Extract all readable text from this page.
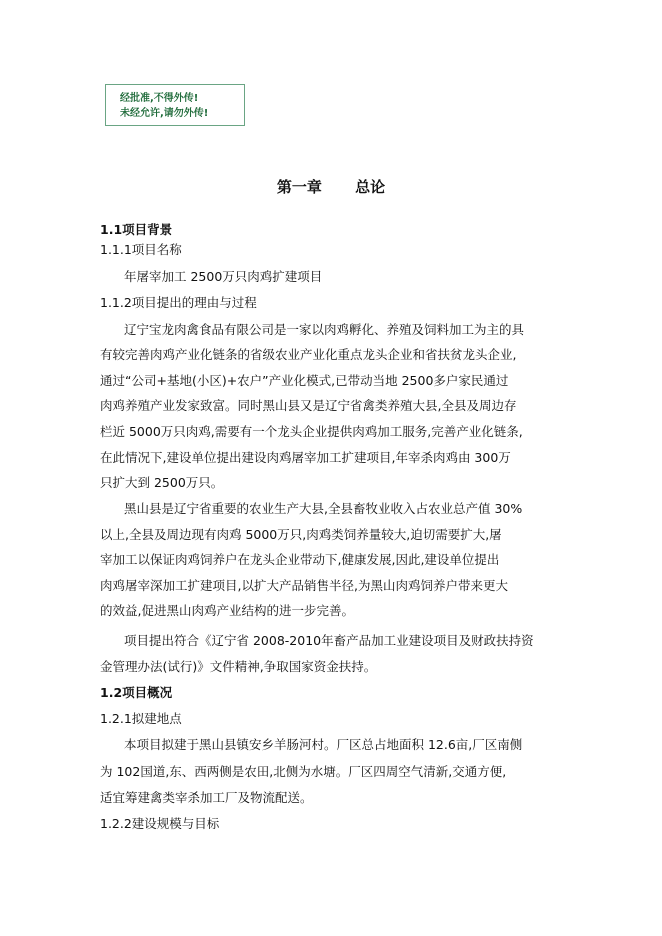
经批准,不得外传!
未经允许,请勿外传!
第一章 总论
1.1项目背景
1.1.1项目名称
年屠宰加工 2500万只肉鸡扩建项目
1.1.2项目提出的理由与过程
辽宁宝龙肉禽食品有限公司是一家以肉鸡孵化、养殖及饲料加工为主的具
有较完善肉鸡产业化链条的省级农业产业化重点龙头企业和省扶贫龙头企业,
通过“公司+基地(小区)+农户”产业化模式,已带动当地 2500多户家民通过
肉鸡养殖产业发家致富。同时黑山县又是辽宁省禽类养殖大县,全县及周边存
栏近 5000万只肉鸡,需要有一个龙头企业提供肉鸡加工服务,完善产业化链条,
在此情况下,建设单位提出建设肉鸡屠宰加工扩建项目,年宰杀肉鸡由 300万
只扩大到 2500万只。
黑山县是辽宁省重要的农业生产大县,全县畜牧业收入占农业总产值 30%
以上,全县及周边现有肉鸡 5000万只,肉鸡类饲养量较大,迫切需要扩大,屠
宰加工以保证肉鸡饲养户在龙头企业带动下,健康发展,因此,建设单位提出
肉鸡屠宰深加工扩建项目,以扩大产品销售半径,为黑山肉鸡饲养户带来更大
的效益,促进黑山肉鸡产业结构的进一步完善。
项目提出符合《辽宁省 2008-2010年畜产品加工业建设项目及财政扶持资
金管理办法(试行)》文件精神,争取国家资金扶持。
1.2项目概况
1.2.1拟建地点
本项目拟建于黑山县镇安乡羊肠河村。厂区总占地面积 12.6亩,厂区南侧
为 102国道,东、西两侧是农田,北侧为水塘。厂区四周空气清新,交通方便,
适宜筹建禽类宰杀加工厂及物流配送。
1.2.2建设规模与目标
